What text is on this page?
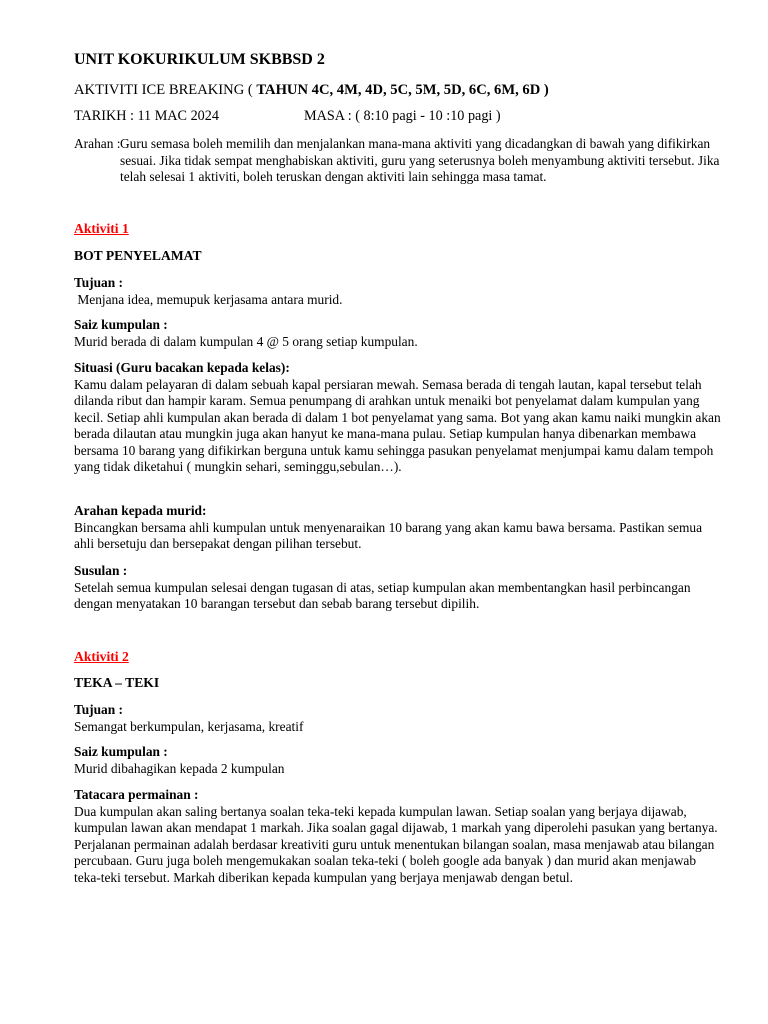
UNIT KOKURIKULUM SKBBSD 2
AKTIVITI ICE BREAKING ( TAHUN 4C, 4M, 4D, 5C, 5M, 5D, 6C, 6M, 6D )
TARIKH : 11 MAC 2024	MASA : ( 8:10 pagi - 10 :10 pagi )
Arahan : Guru semasa boleh memilih dan menjalankan mana-mana aktiviti yang dicadangkan di bawah yang difikirkan sesuai. Jika tidak sempat menghabiskan aktiviti, guru yang seterusnya boleh menyambung aktiviti tersebut. Jika telah selesai 1 aktiviti, boleh teruskan dengan aktiviti lain sehingga masa tamat.
Aktiviti 1
BOT PENYELAMAT

Tujuan :

Menjana idea, memupuk kerjasama antara murid.

Saiz kumpulan :

Murid berada di dalam kumpulan 4 @ 5 orang setiap kumpulan.

Situasi (Guru bacakan kepada kelas):

Kamu dalam pelayaran di dalam sebuah kapal persiaran mewah. Semasa berada di tengah lautan, kapal tersebut telah dilanda ribut dan hampir karam. Semua penumpang di arahkan untuk menaiki bot penyelamat dalam kumpulan yang kecil. Setiap ahli kumpulan akan berada di dalam 1 bot penyelamat yang sama. Bot yang akan kamu naiki mungkin akan berada dilautan atau mungkin juga akan hanyut ke mana-mana pulau. Setiap kumpulan hanya dibenarkan membawa bersama 10 barang yang difikirkan berguna untuk kamu sehingga pasukan penyelamat menjumpai kamu dalam tempoh yang tidak diketahui ( mungkin sehari, seminggu,sebulan…).

Arahan kepada murid:

Bincangkan bersama ahli kumpulan untuk menyenaraikan 10 barang yang akan kamu bawa bersama. Pastikan semua ahli bersetuju dan bersepakat dengan pilihan tersebut.

Susulan :

Setelah semua kumpulan selesai dengan tugasan di atas, setiap kumpulan akan membentangkan hasil perbincangan dengan menyatakan 10 barangan tersebut dan sebab barang tersebut dipilih.

Aktiviti 2
TEKA – TEKI

Tujuan :

Semangat berkumpulan, kerjasama, kreatif

Saiz kumpulan :

Murid dibahagikan kepada 2 kumpulan

Tatacara permainan :

Dua kumpulan akan saling bertanya soalan teka-teki kepada kumpulan lawan. Setiap soalan yang berjaya dijawab, kumpulan lawan akan mendapat 1 markah. Jika soalan gagal dijawab, 1 markah yang diperolehi pasukan yang bertanya. Perjalanan permainan adalah berdasar kreativiti guru untuk menentukan bilangan soalan, masa menjawab atau bilangan percubaan. Guru juga boleh mengemukakan soalan teka-teki ( boleh google ada banyak ) dan murid akan menjawab teka-teki tersebut. Markah diberikan kepada kumpulan yang berjaya menjawab dengan betul.
